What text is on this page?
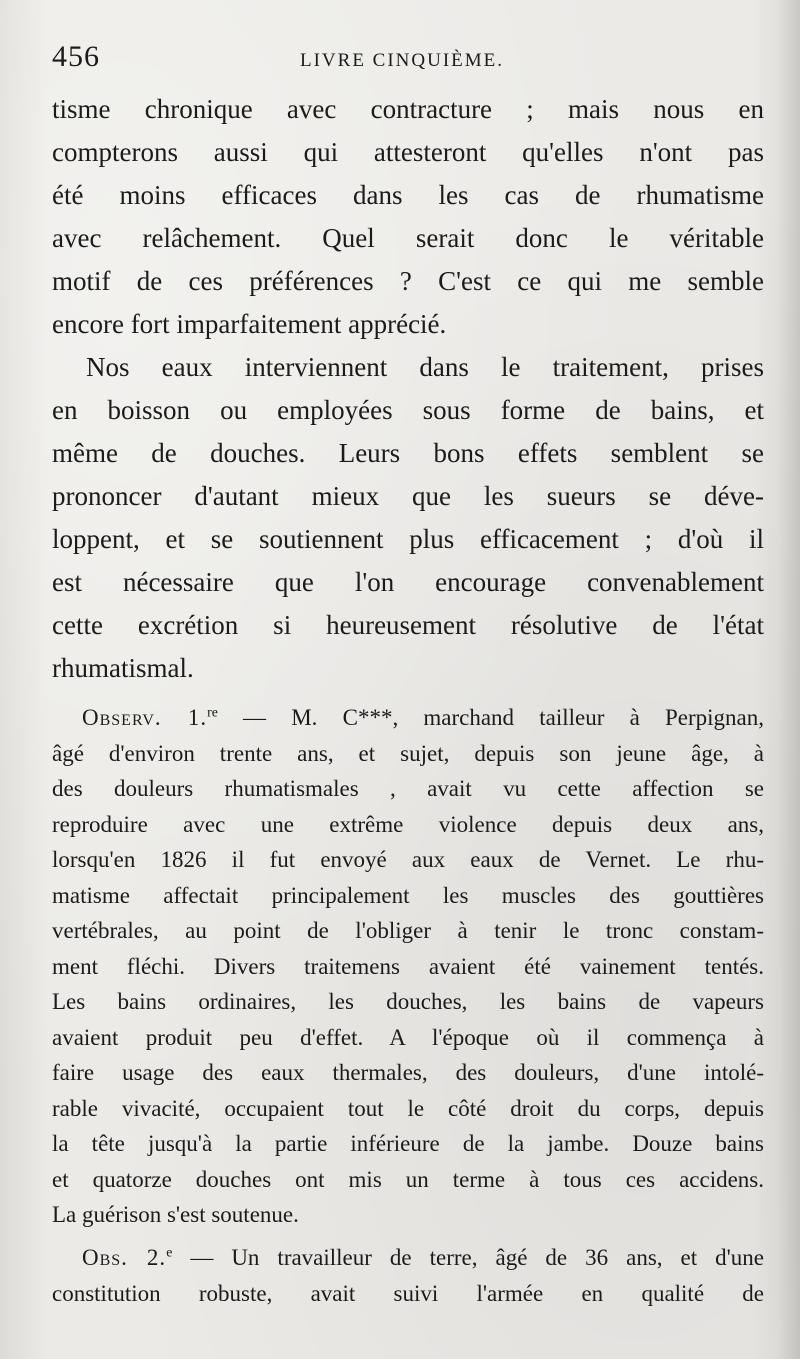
456	LIVRE CINQUIÈME.
tisme chronique avec contracture ; mais nous en
compterons aussi qui attesteront qu'elles n'ont pas
été moins efficaces dans les cas de rhumatisme
avec relâchement. Quel serait donc le véritable
motif de ces préférences ? C'est ce qui me semble
encore fort imparfaitement apprécié.
Nos eaux interviennent dans le traitement, prises
en boisson ou employées sous forme de bains, et
même de douches. Leurs bons effets semblent se
prononcer d'autant mieux que les sueurs se déve-
loppent, et se soutiennent plus efficacement ; d'où il
est nécessaire que l'on encourage convenablement
cette excrétion si heureusement résolutive de l'état
rhumatismal.
Observ. 1.$^{re}$ — M. C***, marchand tailleur à Perpignan,
âgé d'environ trente ans, et sujet, depuis son jeune âge, à
des douleurs rhumatismales , avait vu cette affection se
reproduire avec une extrême violence depuis deux ans,
lorsqu'en 1826 il fut envoyé aux eaux de Vernet. Le rhu-
matisme affectait principalement les muscles des gouttières
vertébrales, au point de l'obliger à tenir le tronc constam-
ment fléchi. Divers traitemens avaient été vainement tentés.
Les bains ordinaires, les douches, les bains de vapeurs
avaient produit peu d'effet. A l'époque où il commença à
faire usage des eaux thermales, des douleurs, d'une intolé-
rable vivacité, occupaient tout le côté droit du corps, depuis
la tête jusqu'à la partie inférieure de la jambe. Douze bains
et quatorze douches ont mis un terme à tous ces accidens.
La guérison s'est soutenue.
Obs. 2.$^e$ — Un travailleur de terre, âgé de 36 ans, et d'une
constitution robuste, avait suivi l'armée en qualité de
